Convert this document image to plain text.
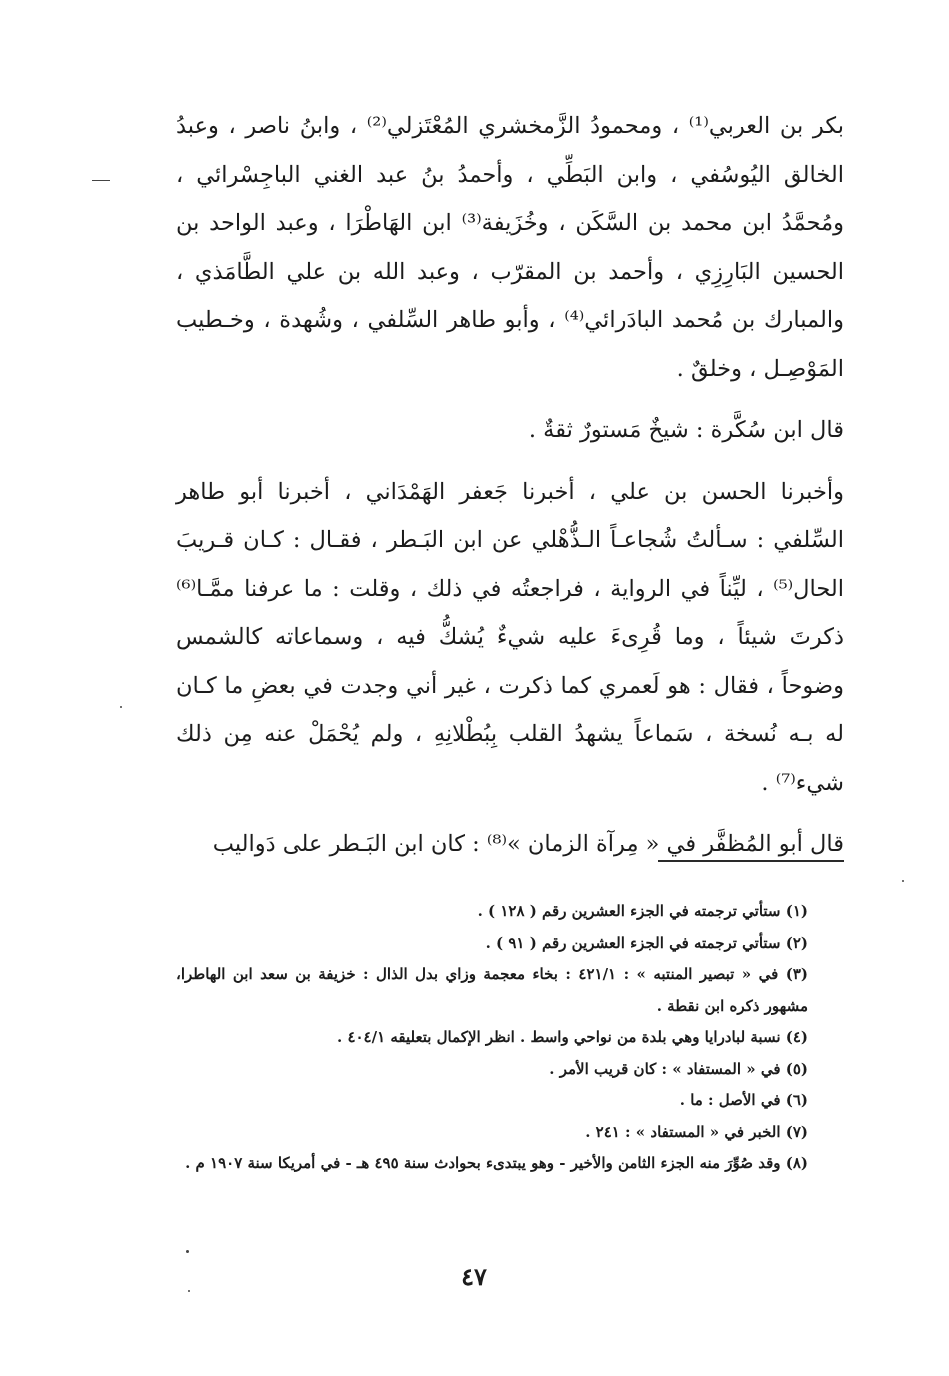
بكر بن العربي⁽¹⁾ ، ومحمودُ الزَّمخشري المُعْتَزلي⁽²⁾ ، وابنُ ناصر ، وعبدُ الخالق اليُوسُفي ، وابن البَطِّي ، وأحمدُ بنُ عبد الغني الباجِسْرائي ، ومُحمَّدُ ابن محمد بن السَّكَن ، وخُزَيفة⁽³⁾ ابن الهَاطْرَا ، وعبد الواحد بن الحسين البَارِزِي ، وأحمد بن المقرّب ، وعبد الله بن علي الطَّامَذي ، والمبارك بن مُحمد البادَرائي⁽⁴⁾ ، وأبو طاهر السِّلفي ، وشُهدة ، وخـطيب المَوْصِـل ، وخلقٌ .

قال ابن سُكَّرة : شيخٌ مَستورٌ ثقةٌ .

وأخبرنا الحسن بن علي ، أخبرنا جَعفر الهَمْدَاني ، أخبرنا أبو طاهر السِّلفي : سـألتُ شُجاعـاً الـذُّهْلي عن ابن البَـطر ، فقـال : كـان قـريبَ الحال⁽⁵⁾ ، ليِّناً في الرواية ، فراجعتُه في ذلك ، وقلت : ما عرفنا ممَّـا⁽⁶⁾ ذكرتَ شيئاً ، وما قُرِىءَ عليه شيءٌ يُشكُّ فيه ، وسماعاته كالشمس وضوحاً ، فقال : هو لَعمري كما ذكرت ، غير أني وجدت في بعضِ ما كـان له بـه نُسخة ، سَماعاً يشهدُ القلب بِبُطْلانِهِ ، ولم يُحْمَلْ عنه مِن ذلك شيء⁽⁷⁾ .

قال أبو المُظفَّر في « مِرآة الزمان »⁽⁸⁾ : كان ابن البَـطر على دَواليب

(١) ستأتي ترجمته في الجزء العشرين رقم ( ١٢٨ ) .

(٢) ستأتي ترجمته في الجزء العشرين رقم ( ٩١ ) .

(٣) في « تبصير المنتبه » : ٤٢١/١ : بخاء معجمة وزاي بدل الذال : خزيفة بن سعد ابن الهاطرا، مشهور ذكره ابن نقطة .

(٤) نسبة لبادرايا وهي بلدة من نواحي واسط . انظر الإكمال بتعليقه ٤٠٤/١ .

(٥) في « المستفاد » : كان قريب الأمر .

(٦) في الأصل : ما .

(٧) الخبر في « المستفاد » : ٢٤١ .

(٨) وقد صُوِّرَ منه الجزء الثامن والأخير - وهو يبتدىء بحوادث سنة ٤٩٥ هـ - في أمريكا سنة ١٩٠٧ م .

٤٧
